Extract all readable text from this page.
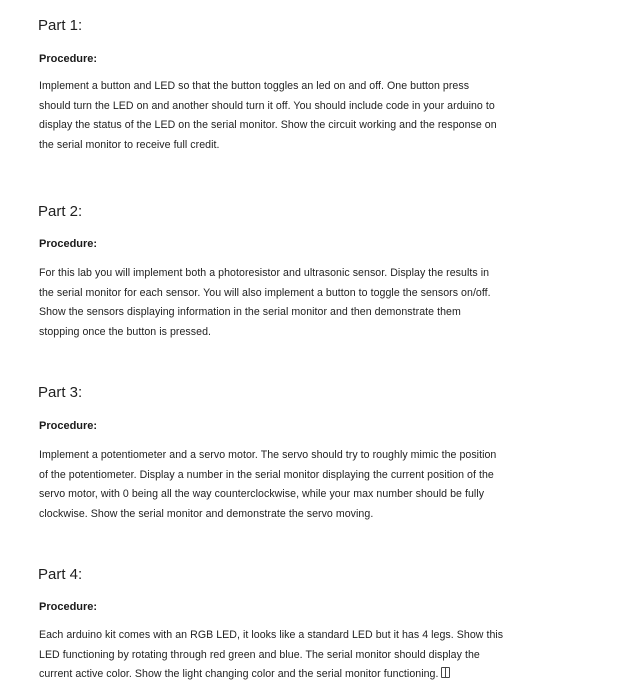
Part 1:
Procedure:

Implement a button and LED so that the button toggles an led on and off. One button press
should turn the LED on and another should turn it off. You should include code in your arduino to
display the status of the LED on the serial monitor. Show the circuit working and the response on
the serial monitor to receive full credit.

Part 2:
Procedure:

For this lab you will implement both a photoresistor and ultrasonic sensor. Display the results in
the serial monitor for each sensor. You will also implement a button to toggle the sensors on/off.
Show the sensors displaying information in the serial monitor and then demonstrate them
stopping once the button is pressed.

Part 3:
Procedure:

Implement a potentiometer and a servo motor. The servo should try to roughly mimic the position
of the potentiometer. Display a number in the serial monitor displaying the current position of the
servo motor, with 0 being all the way counterclockwise, while your max number should be fully
clockwise. Show the serial monitor and demonstrate the servo moving.

Part 4:
Procedure:

Each arduino kit comes with an RGB LED, it looks like a standard LED but it has 4 legs. Show this
LED functioning by rotating through red green and blue. The serial monitor should display the
current active color. Show the light changing color and the serial monitor functioning.
